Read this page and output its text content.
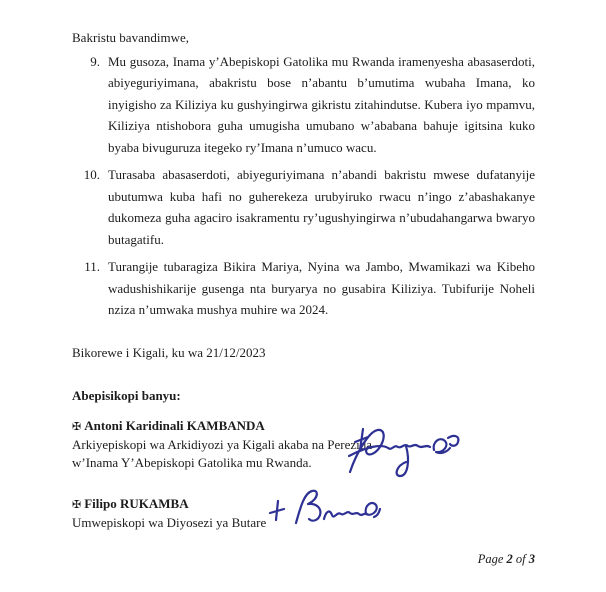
Bakristu bavandimwe,

9. Mu gusoza, Inama y’Abepiskopi Gatolika mu Rwanda iramenyesha abasaserdoti, abiyeguriyimana, abakristu bose n’abantu b’umutima wubaha Imana, ko inyigisho za Kiliziya ku gushyingirwa gikristu zitahindutse. Kubera iyo mpamvu, Kiliziya ntishobora guha umugisha umubano w’ababana bahuje igitsina kuko byaba bivuguruza itegeko ry’Imana n’umuco wacu.
10. Turasaba abasaserdoti, abiyeguriyimana n’abandi bakristu mwese dufatanyije ubutumwa kuba hafi no guherekeza urubyiruko rwacu n’ingo z’abashakanye dukomeza guha agaciro isakramentu ry’ugushyingirwa n’ubudahangarwa bwaryo butagatifu.
11. Turangije tubaragiza Bikira Mariya, Nyina wa Jambo, Mwamikazi wa Kibeho wadushishikarije gusenga nta buryarya no gusabira Kiliziya. Tubifurije Noheli nziza n’umwaka mushya muhire wa 2024.

Bikorewe i Kigali, ku wa 21/12/2023

Abepisikopi banyu:

✠ Antoni Karidinali KAMBANDA

Arkiyepiskopi wa Arkidiyozi ya Kigali akaba na Perezida

w’Inama Y’Abepiskopi Gatolika mu Rwanda.

✠ Filipo RUKAMBA

Umwepiskopi wa Diyosezi ya Butare

Page 2 of 3
